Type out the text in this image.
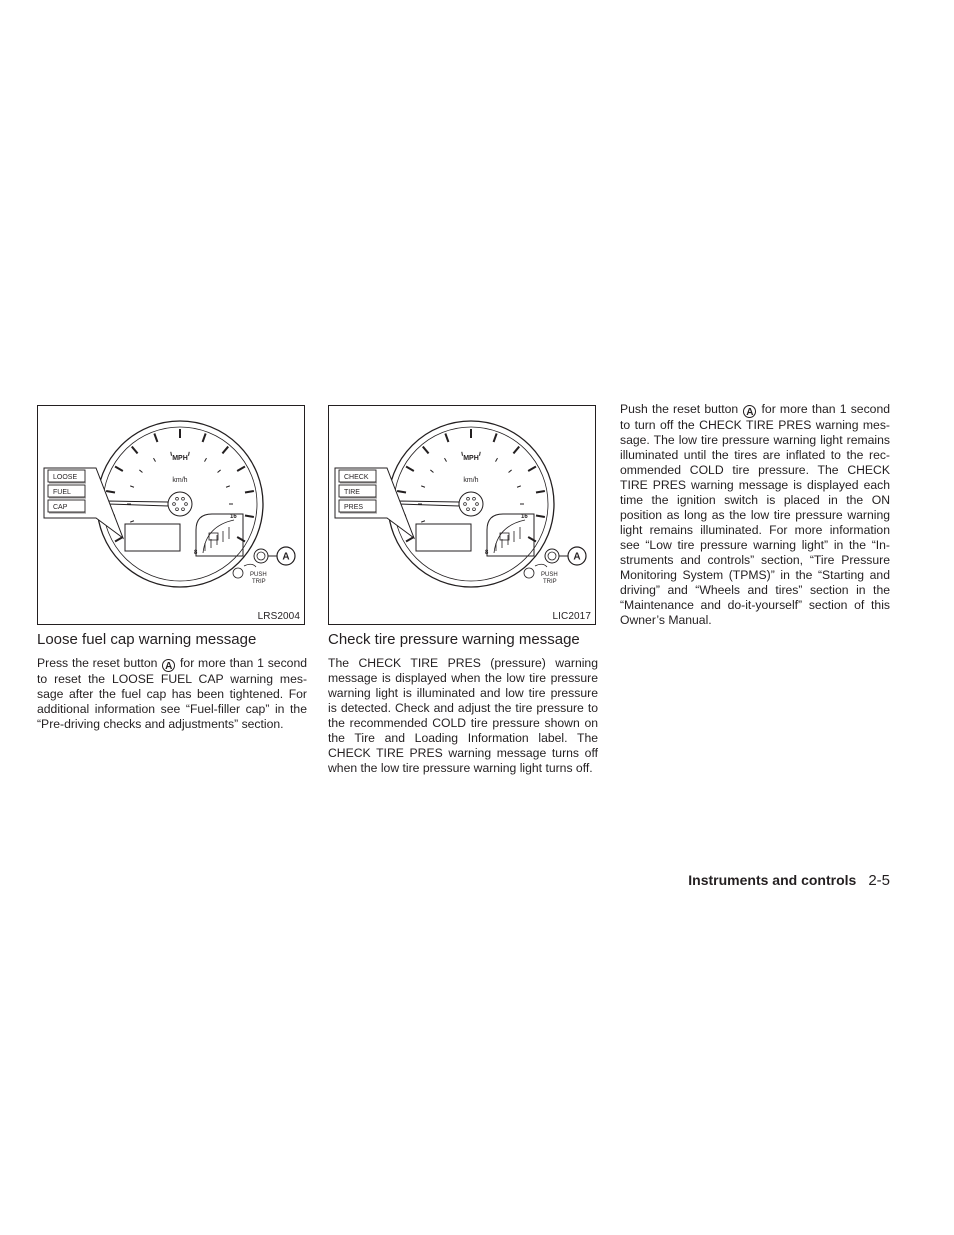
MPH
km/h
16
8	A
PUSH
TRIP
LOOSE
FUEL
CAP
LRS2004
Loose fuel cap warning message
Press the reset button A for more than 1 second to reset the LOOSE FUEL CAP warning mes-sage after the fuel cap has been tightened. For additional information see “Fuel-filler cap” in the “Pre-driving checks and adjustments” section.
MPH
km/h
16
8	A
PUSH
TRIP
CHECK
TIRE
PRES
LIC2017
Check tire pressure warning message
The CHECK TIRE PRES (pressure) warning message is displayed when the low tire pressure warning light is illuminated and low tire pressure is detected. Check and adjust the tire pressure to the recommended COLD tire pressure shown on the Tire and Loading Information label. The CHECK TIRE PRES warning message turns off when the low tire pressure warning light turns off.
Push the reset button A for more than 1 second to turn off the CHECK TIRE PRES warning mes-sage. The low tire pressure warning light remains illuminated until the tires are inflated to the rec-ommended COLD tire pressure. The CHECK TIRE PRES warning message is displayed each time the ignition switch is placed in the ON position as long as the low tire pressure warning light remains illuminated. For more information see “Low tire pressure warning light” in the “In-struments and controls” section, “Tire Pressure Monitoring System (TPMS)” in the “Starting and driving” and “Wheels and tires” section in the “Maintenance and do-it-yourself” section of this Owner’s Manual.
Instruments and controls 2-5
